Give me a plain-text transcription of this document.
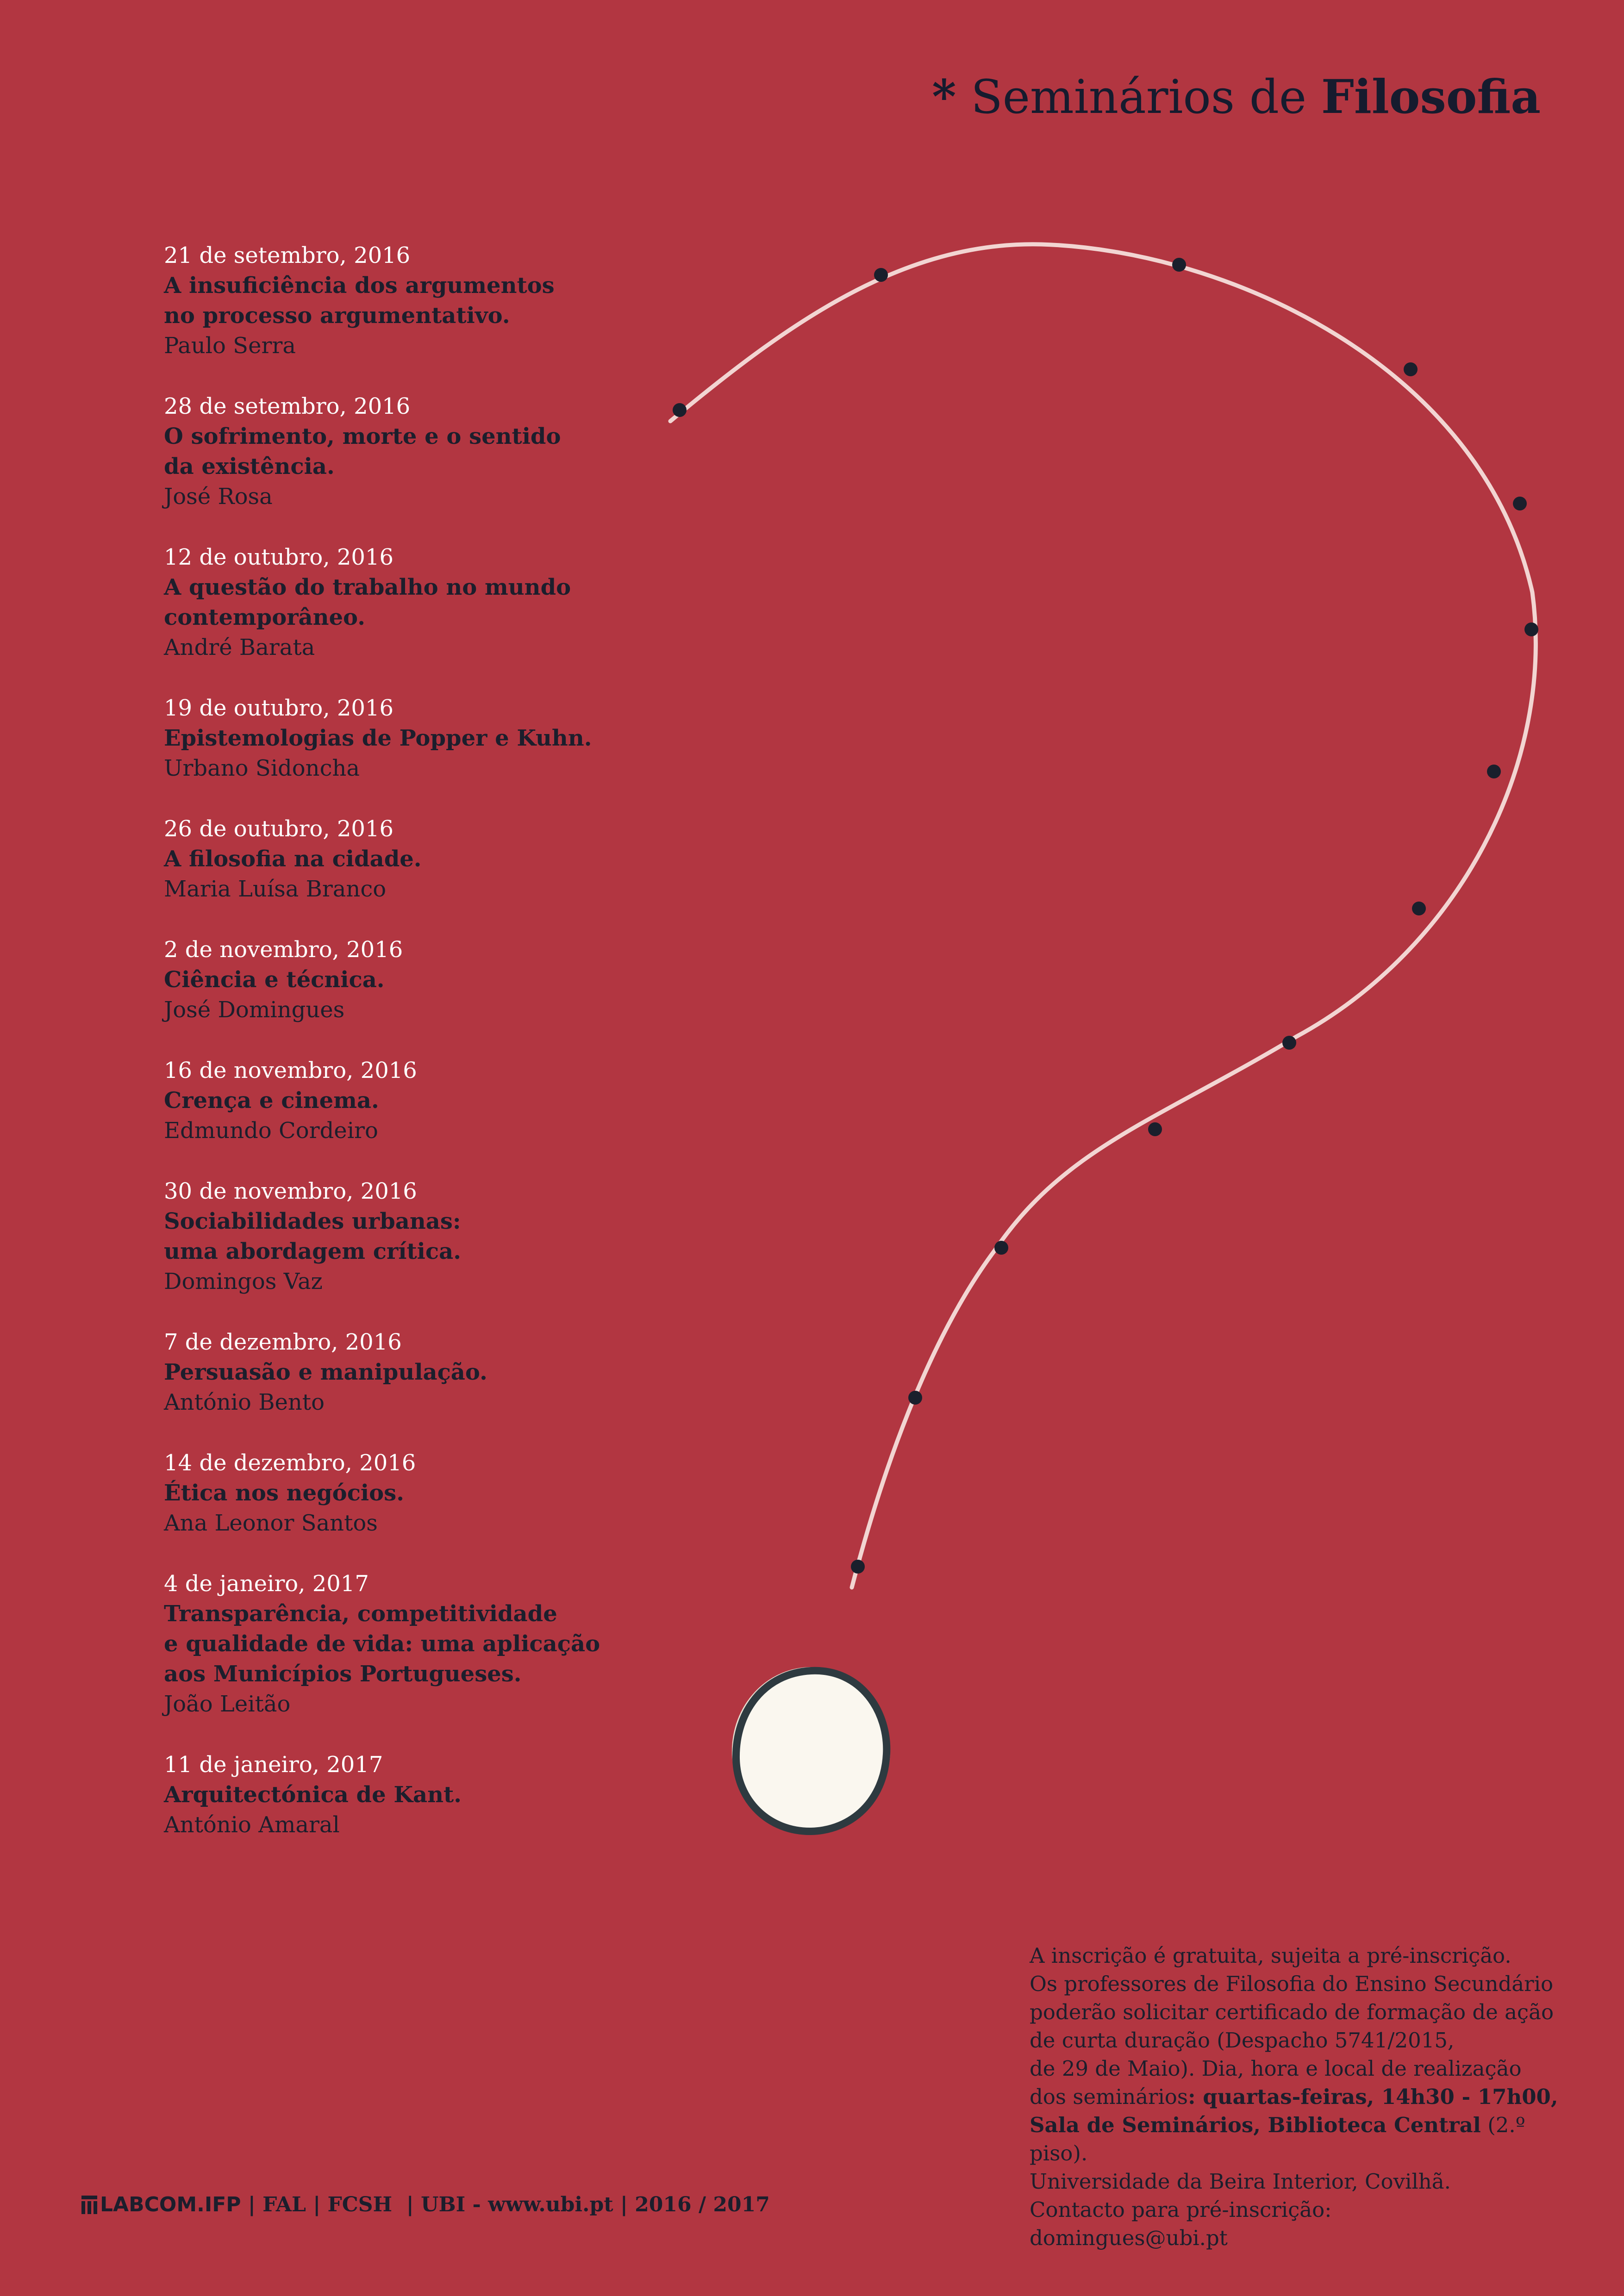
* Seminários de Filosofia
21 de setembro, 2016
A insuficiência dos argumentos
no processo argumentativo.
Paulo Serra
28 de setembro, 2016
O sofrimento, morte e o sentido
da existência.
José Rosa
12 de outubro, 2016
A questão do trabalho no mundo
contemporâneo.
André Barata
19 de outubro, 2016
Epistemologias de Popper e Kuhn.
Urbano Sidoncha
26 de outubro, 2016
A filosofia na cidade.
Maria Luísa Branco
2 de novembro, 2016
Ciência e técnica.
José Domingues
16 de novembro, 2016
Crença e cinema.
Edmundo Cordeiro
30 de novembro, 2016
Sociabilidades urbanas:
uma abordagem crítica.
Domingos Vaz
7 de dezembro, 2016
Persuasão e manipulação.
António Bento
14 de dezembro, 2016
Ética nos negócios.
Ana Leonor Santos
4 de janeiro, 2017
Transparência, competitividade
e qualidade de vida: uma aplicação
aos Municípios Portugueses.
João Leitão
11 de janeiro, 2017
Arquitectónica de Kant.
António Amaral
A inscrição é gratuita, sujeita a pré-inscrição.
Os professores de Filosofia do Ensino Secundário
poderão solicitar certificado de formação de ação
de curta duração (Despacho 5741/2015,
de 29 de Maio). Dia, hora e local de realização
dos seminários: quartas-feiras, 14h30 - 17h00,
Sala de Seminários, Biblioteca Central (2.º piso).
Universidade da Beira Interior, Covilhã.
Contacto para pré-inscrição:
domingues@ubi.pt
LABCOM.IFP | FAL | FCSH  | UBI - www.ubi.pt | 2016 / 2017
